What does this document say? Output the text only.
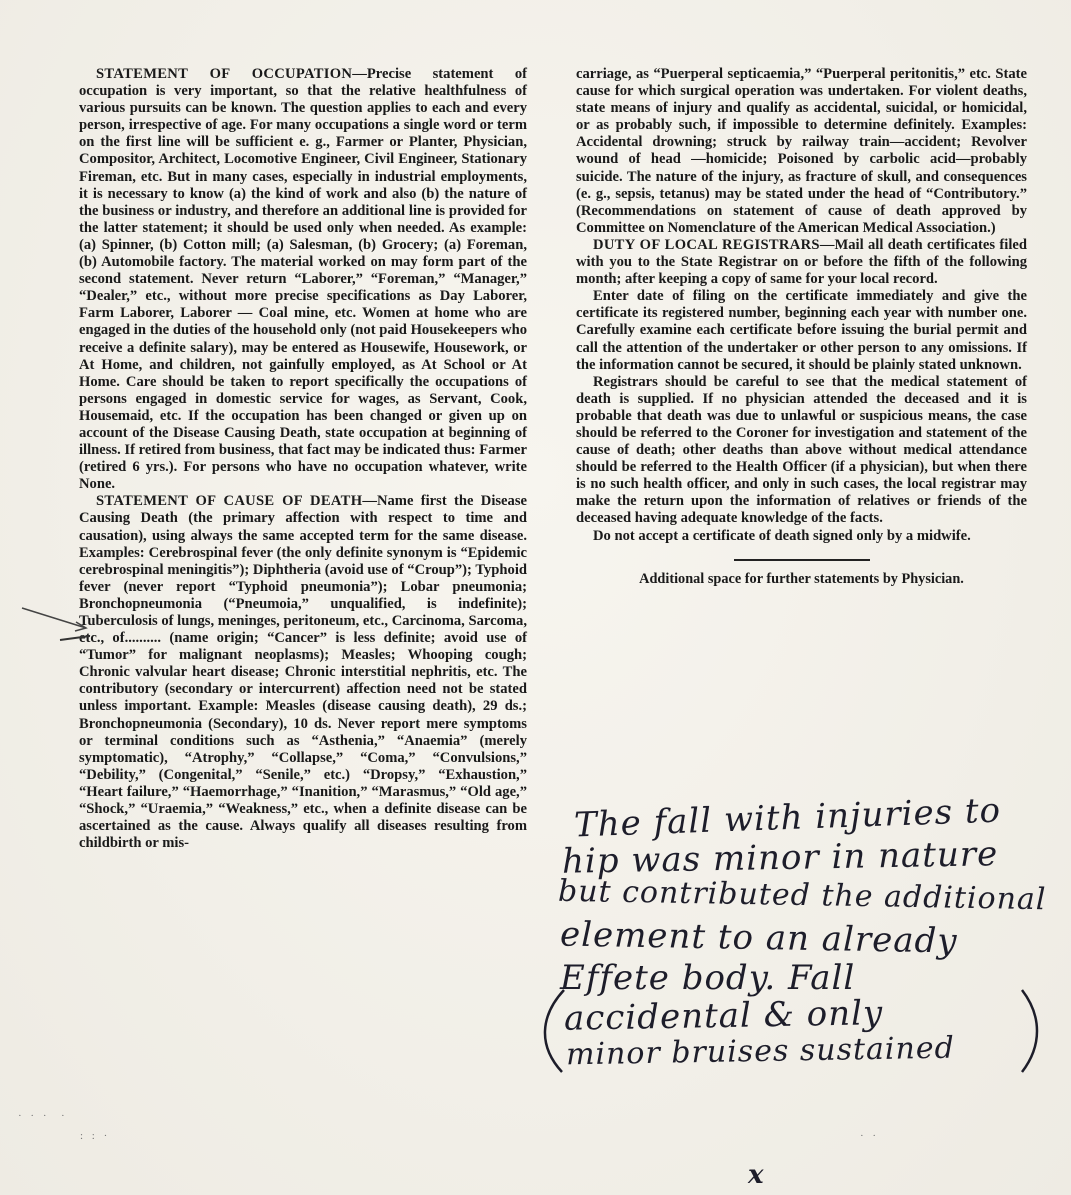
STATEMENT OF OCCUPATION—Precise statement of occupation is very important, so that the relative healthfulness of various pursuits can be known. The question applies to each and every person, irrespective of age. For many occupations a single word or term on the first line will be sufficient e. g., Farmer or Planter, Physician, Compositor, Architect, Locomotive Engineer, Civil Engineer, Stationary Fireman, etc. But in many cases, especially in industrial employments, it is necessary to know (a) the kind of work and also (b) the nature of the business or industry, and therefore an additional line is provided for the latter statement; it should be used only when needed. As example: (a) Spinner, (b) Cotton mill; (a) Salesman, (b) Grocery; (a) Foreman, (b) Automobile factory. The material worked on may form part of the second statement. Never return “Laborer,” “Foreman,” “Manager,” “Dealer,” etc., without more precise specifications as Day Laborer, Farm Laborer, Laborer — Coal mine, etc. Women at home who are engaged in the duties of the household only (not paid Housekeepers who receive a definite salary), may be entered as Housewife, Housework, or At Home, and children, not gainfully employed, as At School or At Home. Care should be taken to report specifically the occupations of persons engaged in domestic service for wages, as Servant, Cook, Housemaid, etc. If the occupation has been changed or given up on account of the Disease Causing Death, state occupation at beginning of illness. If retired from business, that fact may be indicated thus: Farmer (retired 6 yrs.). For persons who have no occupation whatever, write None.

STATEMENT OF CAUSE OF DEATH—Name first the Disease Causing Death (the primary affection with respect to time and causation), using always the same accepted term for the same disease. Examples: Cerebrospinal fever (the only definite synonym is “Epidemic cerebrospinal meningitis”); Diphtheria (avoid use of “Croup”); Typhoid fever (never report “Typhoid pneumonia”); Lobar pneumonia; Bronchopneumonia (“Pneumoia,” unqualified, is indefinite); Tuberculosis of lungs, meninges, peritoneum, etc., Carcinoma, Sarcoma, etc., of.......... (name origin; “Cancer” is less definite; avoid use of “Tumor” for malignant neoplasms); Measles; Whooping cough; Chronic valvular heart disease; Chronic interstitial nephritis, etc. The contributory (secondary or intercurrent) affection need not be stated unless important. Example: Measles (disease causing death), 29 ds.; Bronchopneumonia (Secondary), 10 ds. Never report mere symptoms or terminal conditions such as “Asthenia,” “Anaemia” (merely symptomatic), “Atrophy,” “Collapse,” “Coma,” “Convulsions,” “Debility,” (Congenital,” “Senile,” etc.) “Dropsy,” “Exhaustion,” “Heart failure,” “Haemorrhage,” “Inanition,” “Marasmus,” “Old age,” “Shock,” “Uraemia,” “Weakness,” etc., when a definite disease can be ascertained as the cause. Always qualify all diseases resulting from childbirth or mis-

carriage, as “Puerperal septicaemia,” “Puerperal peritonitis,” etc. State cause for which surgical operation was undertaken. For violent deaths, state means of injury and qualify as accidental, suicidal, or homicidal, or as probably such, if impossible to determine definitely. Examples: Accidental drowning; struck by railway train—accident; Revolver wound of head —homicide; Poisoned by carbolic acid—probably suicide. The nature of the injury, as fracture of skull, and consequences (e. g., sepsis, tetanus) may be stated under the head of “Contributory.” (Recommendations on statement of cause of death approved by Committee on Nomenclature of the American Medical Association.)

DUTY OF LOCAL REGISTRARS—Mail all death certificates filed with you to the State Registrar on or before the fifth of the following month; after keeping a copy of same for your local record.

Enter date of filing on the certificate immediately and give the certificate its registered number, beginning each year with number one. Carefully examine each certificate before issuing the burial permit and call the attention of the undertaker or other person to any omissions. If the information cannot be secured, it should be plainly stated unknown.

Registrars should be careful to see that the medical statement of death is supplied. If no physician attended the deceased and it is probable that death was due to unlawful or suspicious means, the case should be referred to the Coroner for investigation and statement of the cause of death; other deaths than above without medical attendance should be referred to the Health Officer (if a physician), but when there is no such health officer, and only in such cases, the local registrar may make the return upon the information of relatives or friends of the deceased having adequate knowledge of the facts.

Do not accept a certificate of death signed only by a midwife.

Additional space for further statements by Physician.

The fall with injuries to
hip was minor in nature
but contributed the additional
element to an already
Effete body. Fall
accidental & only
minor bruises sustained
· · ·  ·
: : ·	· ·
x
